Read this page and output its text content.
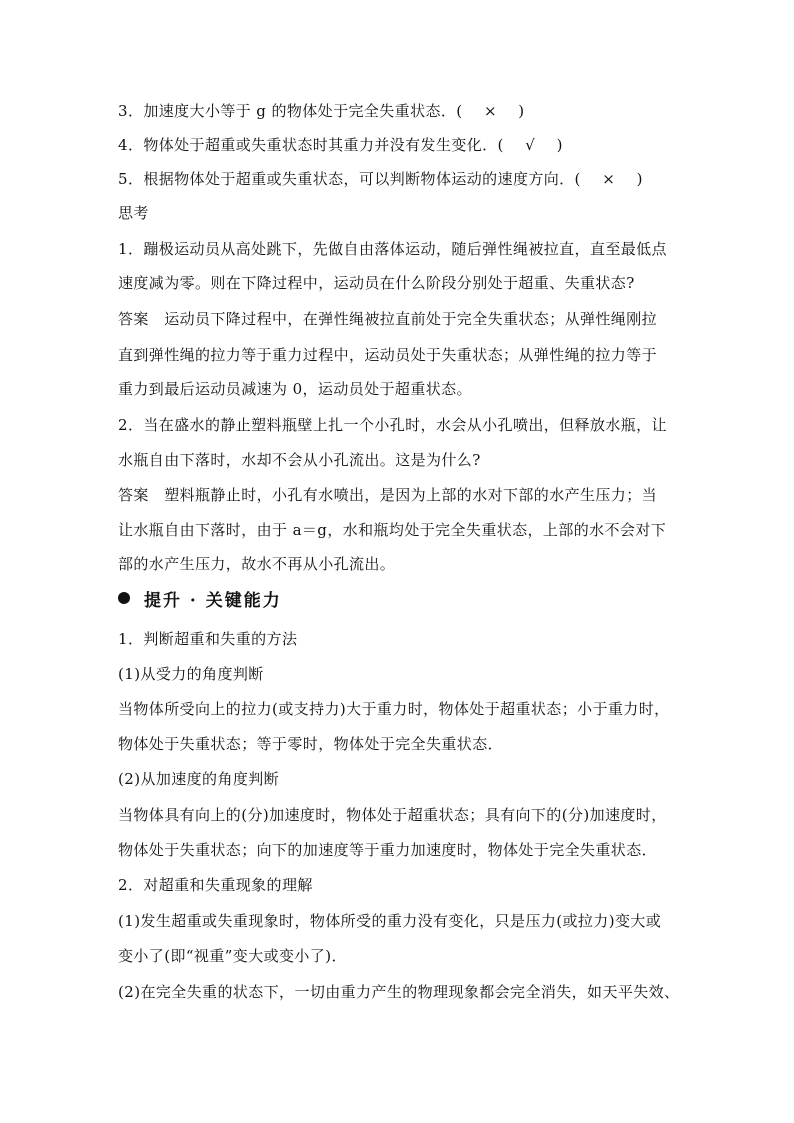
3．加速度大小等于 g 的物体处于完全失重状态．(　×　)
4．物体处于超重或失重状态时其重力并没有发生变化．(　√　)
5．根据物体处于超重或失重状态，可以判断物体运动的速度方向．(　×　)
思考
1．蹦极运动员从高处跳下，先做自由落体运动，随后弹性绳被拉直，直至最低点
速度减为零。则在下降过程中，运动员在什么阶段分别处于超重、失重状态?
答案　运动员下降过程中，在弹性绳被拉直前处于完全失重状态；从弹性绳刚拉
直到弹性绳的拉力等于重力过程中，运动员处于失重状态；从弹性绳的拉力等于
重力到最后运动员减速为 0，运动员处于超重状态。
2．当在盛水的静止塑料瓶壁上扎一个小孔时，水会从小孔喷出，但释放水瓶，让
水瓶自由下落时，水却不会从小孔流出。这是为什么?
答案　塑料瓶静止时，小孔有水喷出，是因为上部的水对下部的水产生压力；当
让水瓶自由下落时，由于 a＝g，水和瓶均处于完全失重状态，上部的水不会对下
部的水产生压力，故水不再从小孔流出。
提升 · 关键能力
1．判断超重和失重的方法
(1)从受力的角度判断
当物体所受向上的拉力(或支持力)大于重力时，物体处于超重状态；小于重力时，
物体处于失重状态；等于零时，物体处于完全失重状态．
(2)从加速度的角度判断
当物体具有向上的(分)加速度时，物体处于超重状态；具有向下的(分)加速度时，
物体处于失重状态；向下的加速度等于重力加速度时，物体处于完全失重状态．
2．对超重和失重现象的理解
(1)发生超重或失重现象时，物体所受的重力没有变化，只是压力(或拉力)变大或
变小了(即“视重”变大或变小了)．
(2)在完全失重的状态下，一切由重力产生的物理现象都会完全消失，如天平失效、
